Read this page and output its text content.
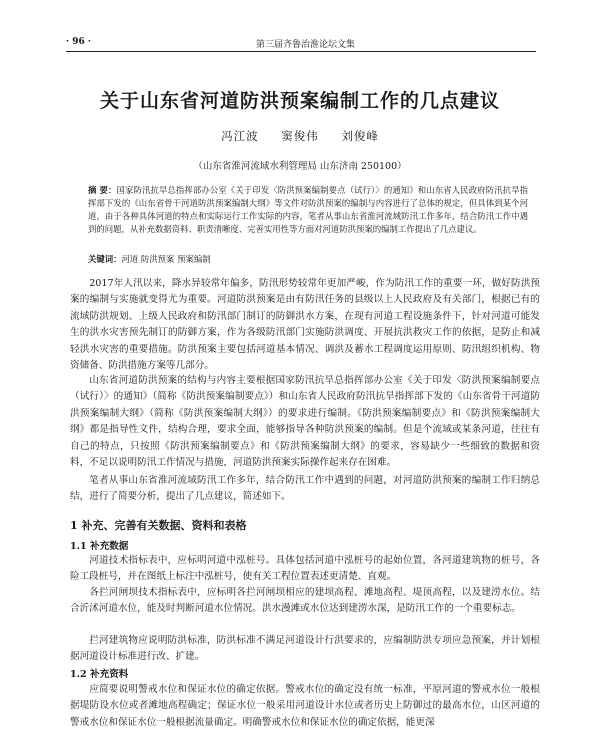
· 96 ·	第三届齐鲁治淮论坛文集
关于山东省河道防洪预案编制工作的几点建议
冯江波 窦俊伟 刘俊峰
（山东省淮河流域水利管理局 山东济南 250100）
摘 要：国家防汛抗旱总指挥部办公室《关于印发〈防洪预案编制要点（试行）〉的通知》和山东省人民政府防汛抗旱指挥部下发的《山东省骨干河道防洪预案编制大纲》等文件对防洪预案的编制与内容进行了总体的规定，但具体到某个河道，由于各种具体河道的特点和实际运行工作实际的内容，笔者从事山东省淮河流域防汛工作多年，结合防汛工作中遇到的问题，从补充数据资料、职责清晰度、完善实用性等方面对河道防洪预案的编制工作提出了几点建议。
关键词：河道 防洪预案 预案编制

2017年人汛以来，降水异较常年偏多，防汛形势较常年更加严峻，作为防汛工作的重要一环，做好防洪预案的编制与实施就变得尤为重要。河道防洪预案是由有防汛任务的县级以上人民政府及有关部门，根据已有的流域防洪规划、上级人民政府和防汛部门制订的防御洪水方案，在现有河道工程设施条件下，针对河道可能发生的洪水灾害预先制订的防御方案，作为各级防汛部门实施防洪调度、开展抗洪救灾工作的依据，是防止和减轻洪水灾害的重要措施。防洪预案主要包括河道基本情况、调洪及蓄水工程调度运用原则、防汛组织机构、物资储备、防洪措施方案等几部分。

山东省河道防洪预案的结构与内容主要根据国家防汛抗旱总指挥部办公室《关于印发〈防洪预案编制要点（试行）〉的通知》（简称《防洪预案编制要点》）和山东省人民政府防汛抗旱指挥部下发的《山东省骨干河道防洪预案编制大纲》（简称《防洪预案编制大纲》）的要求进行编制。《防洪预案编制要点》和《防洪预案编制大纲》都是指导性文件，结构合理，要求全面，能够指导各种防洪预案的编制。但是个流域或某条河道，往往有自己的特点，只按照《防洪预案编制要点》和《防洪预案编制大纲》的要求，容易缺少一些细致的数据和资料，不足以说明防汛工作情况与措施，河道防洪预案实际操作起来存在困难。

笔者从事山东省淮河流域防汛工作多年，结合防汛工作中遇到的问题，对河道防洪预案的编制工作归纳总结，进行了简要分析，提出了几点建议，简述如下。

1 补充、完善有关数据、资料和表格
1.1 补充数据

河道技术指标表中，应标明河道中泓桩号。具体包括河道中泓桩号的起始位置，各河道建筑物的桩号，各险工段桩号，并在图纸上标注中泓桩号，使有关工程位置表述更清楚、直观。

各拦河闸坝技术指标表中，应标明各拦河闸坝相应的建坝高程、滩地高程、堤顶高程，以及建涝水位。结合沂沭河道水位，能及时判断河道水位情况。洪水漫滩或水位达到建涝水深，是防汛工作的一个重要标志。

拦河建筑物应说明防洪标准，防洪标准不满足河道设计行洪要求的，应编制防洪专项应急预案，并计划根据河道设计标准进行改、扩建。

1.2 补充资料

应简要说明警戒水位和保证水位的确定依据。警戒水位的确定没有统一标准，平原河道的警戒水位一般根据堤防设水位或者滩地高程确定；保证水位一般采用河道设计水位或者历史上防御过的最高水位，山区河道的警戒水位和保证水位一般根据流量确定。明确警戒水位和保证水位的确定依据，能更深
